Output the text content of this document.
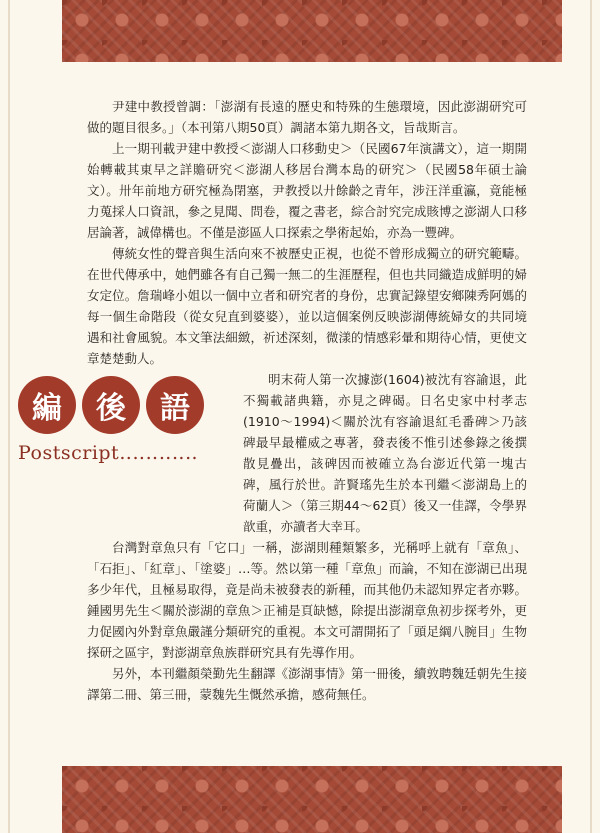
尹建中教授曾調：「澎湖有長遠的歷史和特殊的生態環境，因此澎湖研究可做的題目很多。」（本刊第八期50頁）調諸本第九期各文，旨哉斯言。

上一期刊載尹建中教授＜澎湖人口移動史＞（民國67年演講文），這一期開始轉載其東早之詳贍研究＜澎湖人移居台灣本島的研究＞（民國58年碩士論文）。卅年前地方研究極為閉塞，尹教授以廾餘齡之青年，涉汪洋重瀛，竟能極力蒐採人口資訊，參之見聞、問卷，覆之書老，綜合討究完成賅博之澎湖人口移居論著，誠偉構也。不僅是澎區人口探索之學術起始，亦為一豐碑。

傳統女性的聲音與生活向來不被歷史正視，也從不曾形成獨立的研究範疇。在世代傳承中，她們雖各有自己獨一無二的生涯歷程，但也共同織造成鮮明的婦女定位。詹瑞峰小姐以一個中立者和研究者的身份，忠實記錄望安鄉陳秀阿媽的每一個生命階段（從女兒直到婆婆），並以這個案例反映澎湖傳統婦女的共同境遇和社會風貌。本文筆法細緻，祈述深刻，微漾的情感彩暈和期待心情，更使文章楚楚動人。

明末荷人第一次據澎(1604)被沈有容諭退，此不獨載諸典籍，亦見之碑碣。日名史家中村孝志(1910～1994)＜關於沈有容諭退紅毛番碑＞乃該碑最早最權威之專著，發表後不惟引述參錄之後撰散見疊出，該碑因而被確立為台澎近代第一塊古碑，風行於世。許賢瑤先生於本刊繼＜澎湖島上的荷蘭人＞（第三期44～62頁）後又一佳譯，令學界歆重，亦讀者大幸耳。

台灣對章魚只有「它口」一稱，澎湖則種類繁多，光稱呼上就有「章魚」、「石拒」、「紅章」、「塗婆」…等。然以第一種「章魚」而論，不知在澎湖已出現多少年代，且極易取得，竟是尚未被發表的新種，而其他仍未認知界定者亦夥。鍾國男先生＜關於澎湖的章魚＞正補是頁缺憾，除提出澎湖章魚初步探考外，更力促國內外對章魚嚴謹分類研究的重視。本文可謂開拓了「頭足綱八腕目」生物探研之區宇，對澎湖章魚族群研究具有先導作用。

另外，本刊繼顏榮勤先生翻譯《澎湖事情》第一冊後，續敦聘魏廷朝先生接譯第二冊、第三冊，蒙魏先生慨然承擔，感荷無任。

編	後	語
Postscript‥‥‥‥‥‥
